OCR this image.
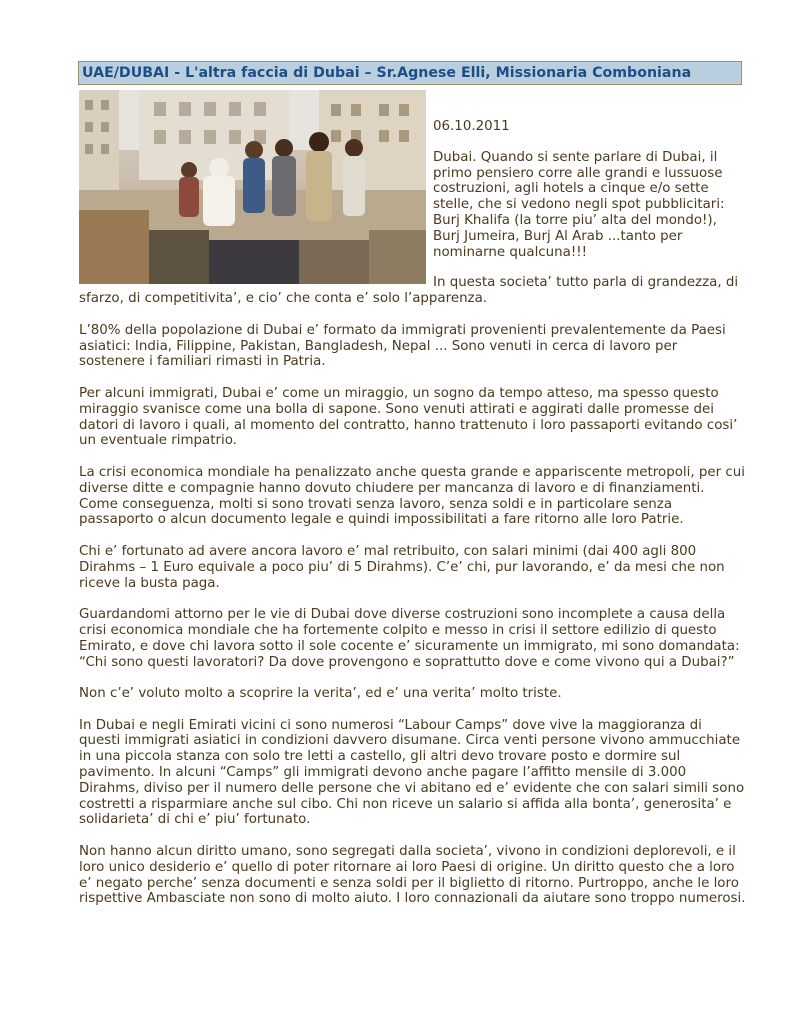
UAE/DUBAI - L'altra faccia di Dubai – Sr.Agnese Elli, Missionaria Comboniana
06.10.2011

Dubai. Quando si sente parlare di Dubai, il primo pensiero corre alle grandi e lussuose costruzioni, agli hotels a cinque e/o sette stelle, che si vedono negli spot pubblicitari: Burj Khalifa (la torre piu’ alta del mondo!), Burj Jumeira, Burj Al Arab ...tanto per nominarne qualcuna!!!

In questa societa’ tutto parla di grandezza, di sfarzo, di competitivita’, e cio’ che conta e’ solo l’apparenza.

L’80% della popolazione di Dubai e’ formato da immigrati provenienti prevalentemente da Paesi asiatici: India, Filippine, Pakistan, Bangladesh, Nepal ... Sono venuti in cerca di lavoro per sostenere i familiari rimasti in Patria.

Per alcuni immigrati, Dubai e’ come un miraggio, un sogno da tempo atteso, ma spesso questo miraggio svanisce come una bolla di sapone. Sono venuti attirati e aggirati dalle promesse dei datori di lavoro i quali, al momento del contratto, hanno trattenuto i loro passaporti evitando cosi’ un eventuale rimpatrio.

La crisi economica mondiale ha penalizzato anche questa grande e appariscente metropoli, per cui diverse ditte e compagnie hanno dovuto chiudere per mancanza di lavoro e di finanziamenti. Come conseguenza, molti si sono trovati senza lavoro, senza soldi e in particolare senza passaporto o alcun documento legale e quindi impossibilitati a fare ritorno alle loro Patrie.

Chi e’ fortunato ad avere ancora lavoro e’ mal retribuito, con salari minimi (dai 400 agli 800 Dirahms – 1 Euro equivale a poco piu’ di 5 Dirahms). C’e’ chi, pur lavorando, e’ da mesi che non riceve la busta paga.

Guardandomi attorno per le vie di Dubai dove diverse costruzioni sono incomplete a causa della crisi economica mondiale che ha fortemente colpito e messo in crisi il settore edilizio di questo Emirato, e dove chi lavora sotto il sole cocente e’ sicuramente un immigrato, mi sono domandata: “Chi sono questi lavoratori? Da dove provengono e soprattutto dove e come vivono qui a Dubai?”

Non c’e’ voluto molto a scoprire la verita’, ed e’ una verita’ molto triste.

In Dubai e negli Emirati vicini ci sono numerosi “Labour Camps” dove vive la maggioranza di questi immigrati asiatici in condizioni davvero disumane. Circa venti persone vivono ammucchiate in una piccola stanza con solo tre letti a castello, gli altri devo trovare posto e dormire sul pavimento. In alcuni “Camps” gli immigrati devono anche pagare l’affitto mensile di 3.000 Dirahms, diviso per il numero delle persone che vi abitano ed e’ evidente che con salari simili sono costretti a risparmiare anche sul cibo. Chi non riceve un salario si affida alla bonta’, generosita’ e solidarieta’ di chi e’ piu’ fortunato.

Non hanno alcun diritto umano, sono segregati dalla societa’, vivono in condizioni deplorevoli, e il loro unico desiderio e’ quello di poter ritornare ai loro Paesi di origine. Un diritto questo che a loro e’ negato perche’ senza documenti e senza soldi per il biglietto di ritorno. Purtroppo, anche le loro rispettive Ambasciate non sono di molto aiuto. I loro connazionali da aiutare sono troppo numerosi.
